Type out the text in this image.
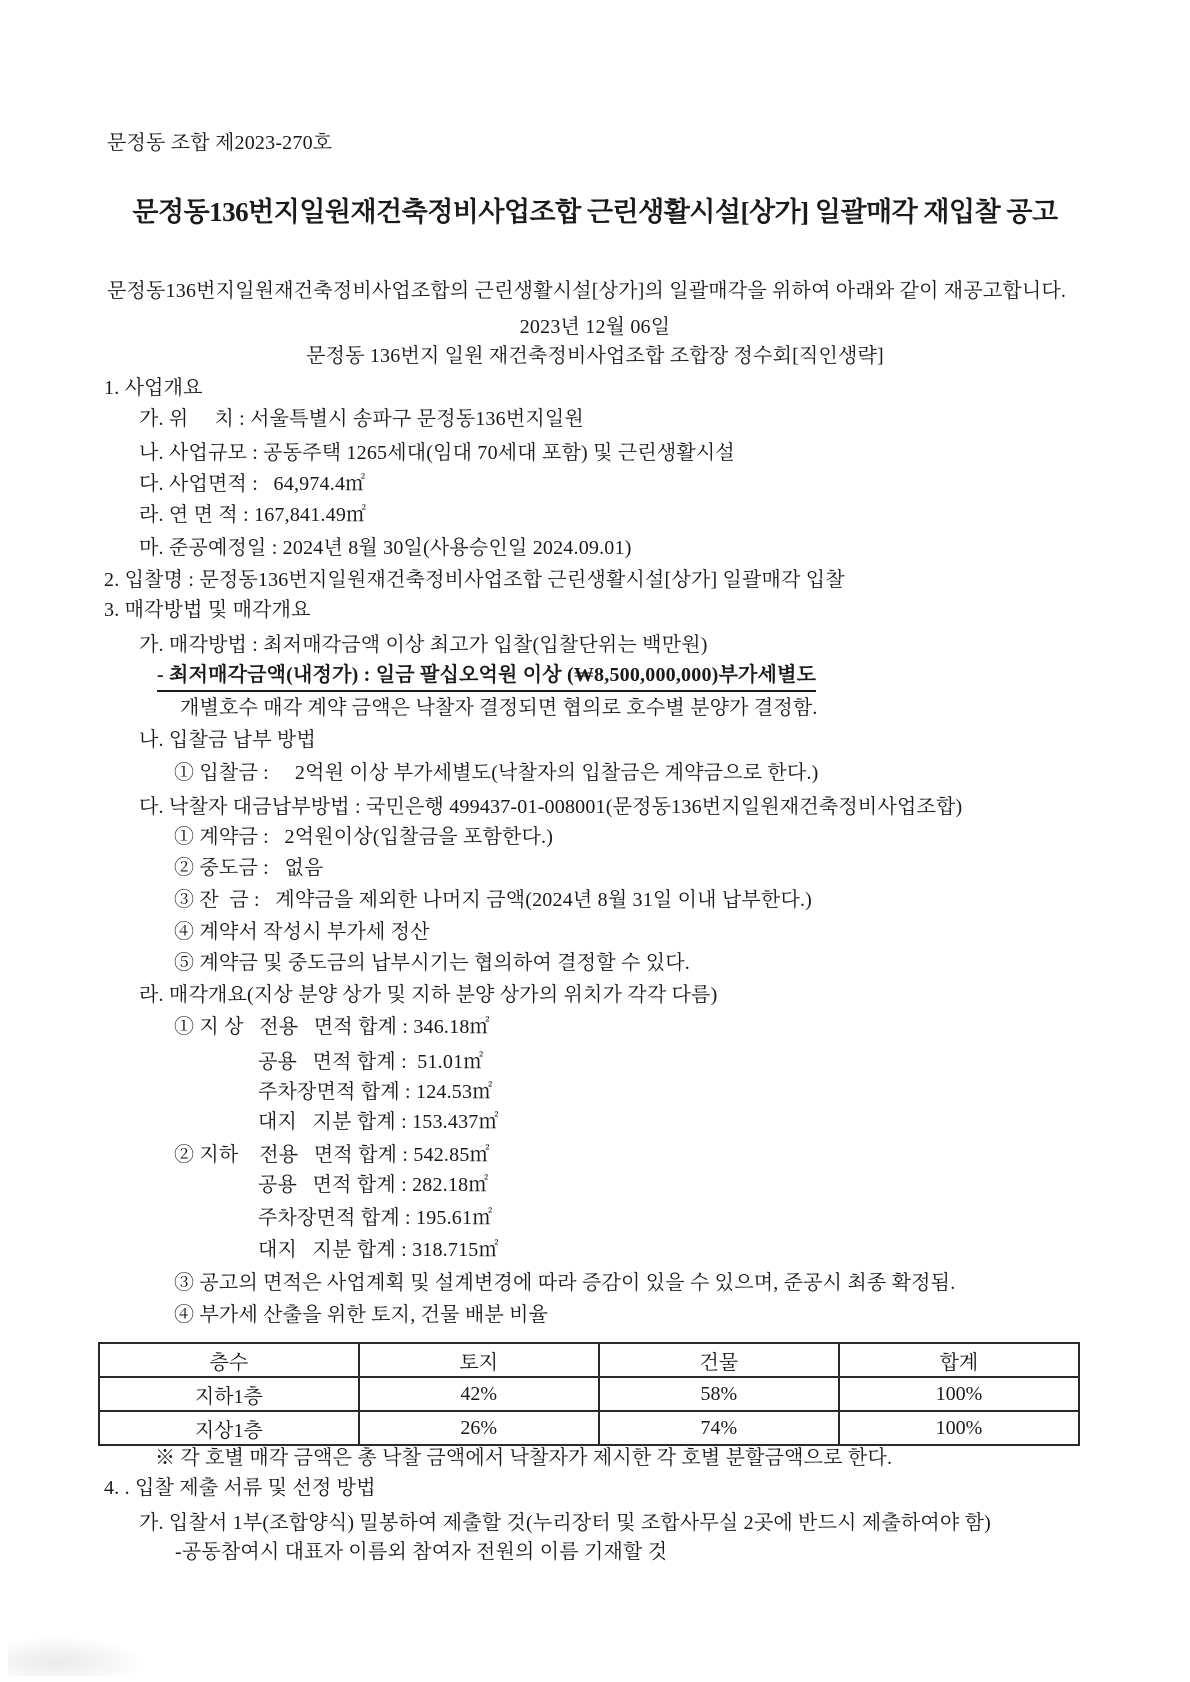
문정동 조합 제2023-270호
문정동136번지일원재건축정비사업조합 근린생활시설[상가] 일괄매각 재입찰 공고
문정동136번지일원재건축정비사업조합의 근린생활시설[상가]의 일괄매각을 위하여 아래와 같이 재공고합니다.
2023년 12월 06일
문정동 136번지 일원 재건축정비사업조합 조합장 정수회[직인생략]
1. 사업개요
가. 위     치 : 서울특별시 송파구 문정동136번지일원
나. 사업규모 : 공동주택 1265세대(임대 70세대 포함) 및 근린생활시설
다. 사업면적 :   64,974.4㎡
라. 연 면 적 : 167,841.49㎡
마. 준공예정일 : 2024년 8월 30일(사용승인일 2024.09.01)
2. 입찰명 : 문정동136번지일원재건축정비사업조합 근린생활시설[상가] 일괄매각 입찰
3. 매각방법 및 매각개요
가. 매각방법 : 최저매각금액 이상 최고가 입찰(입찰단위는 백만원)
- 최저매각금액(내정가) : 일금 팔십오억원 이상 (₩8,500,000,000)부가세별도
개별호수 매각 계약 금액은 낙찰자 결정되면 협의로 호수별 분양가 결정함.
나. 입찰금 납부 방법
① 입찰금 :     2억원 이상 부가세별도(낙찰자의 입찰금은 계약금으로 한다.)
다. 낙찰자 대금납부방법 : 국민은행 499437-01-008001(문정동136번지일원재건축정비사업조합)
① 계약금 :   2억원이상(입찰금을 포함한다.)
② 중도금 :   없음
③ 잔  금 :   계약금을 제외한 나머지 금액(2024년 8월 31일 이내 납부한다.)
④ 계약서 작성시 부가세 정산
⑤ 계약금 및 중도금의 납부시기는 협의하여 결정할 수 있다.
라. 매각개요(지상 분양 상가 및 지하 분양 상가의 위치가 각각 다름)
① 지 상   전용   면적 합계 : 346.18㎡
공용   면적 합계 :  51.01㎡
주차장면적 합계 : 124.53㎡
대지   지분 합계 : 153.437㎡
② 지하    전용   면적 합계 : 542.85㎡
공용   면적 합계 : 282.18㎡
주차장면적 합계 : 195.61㎡
대지   지분 합계 : 318.715㎡
③ 공고의 면적은 사업계획 및 설계변경에 따라 증감이 있을 수 있으며, 준공시 최종 확정됨.
④ 부가세 산출을 위한 토지, 건물 배분 비율
층수	토지	건물	합계
지하1층	42%	58%	100%
지상1층	26%	74%	100%
※ 각 호별 매각 금액은 총 낙찰 금액에서 낙찰자가 제시한 각 호별 분할금액으로 한다.
4. . 입찰 제출 서류 및 선정 방법
가. 입찰서 1부(조합양식) 밀봉하여 제출할 것(누리장터 및 조합사무실 2곳에 반드시 제출하여야 함)
-공동참여시 대표자 이름외 참여자 전원의 이름 기재할 것
